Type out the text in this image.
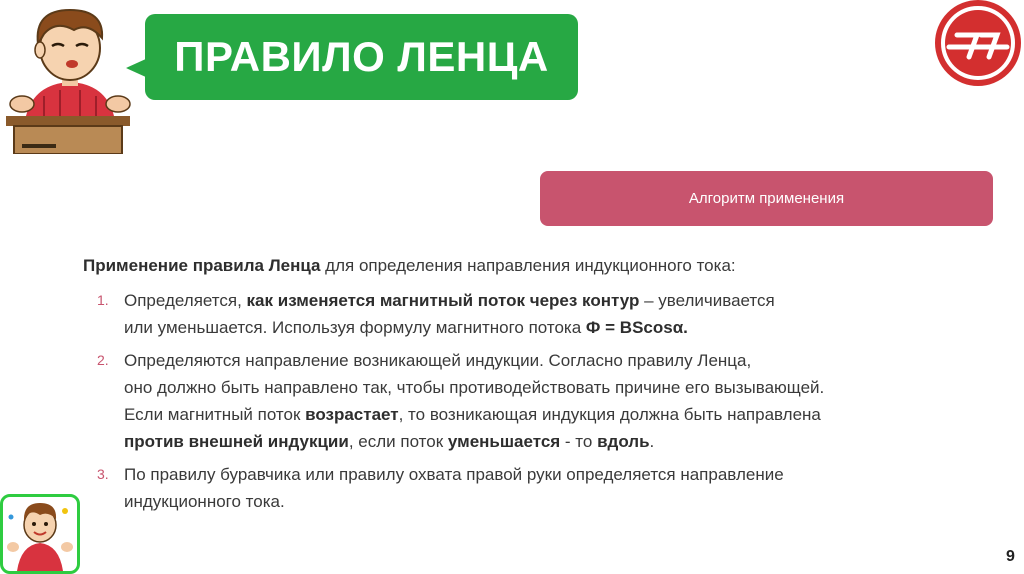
ПРАВИЛО ЛЕНЦА
Алгоритм применения

Применение правила Ленца для определения направления индукционного тока:

1. Определяется, как изменяется магнитный поток через контур – увеличивается
или уменьшается. Используя формулу магнитного потока Ф = BScosα.
2. Определяются направление возникающей индукции. Согласно правилу Ленца,
оно должно быть направлено так, чтобы противодействовать причине его вызывающей.
Если магнитный поток возрастает, то возникающая индукция должна быть направлена
против внешней индукции, если поток уменьшается - то вдоль.
3. По правилу буравчика или правилу охвата правой руки определяется направление
индукционного тока.
9
